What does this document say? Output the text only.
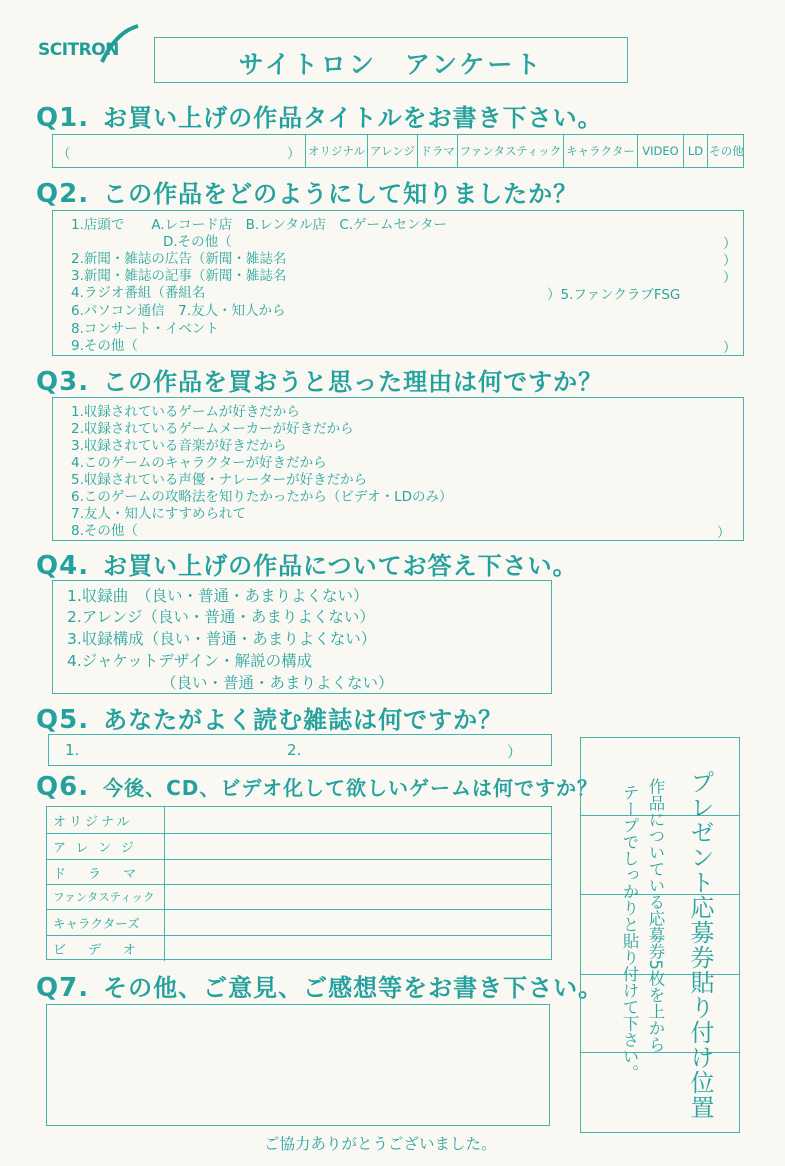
SCITRON	サイトロン　アンケート
Q1. お買い上げの作品タイトルをお書き下さい。
（	） オリジナル アレンジ ドラマ ファンタスティック キャラクター VIDEO LD その他
Q2. この作品をどのようにして知りましたか？
1.店頭で　　A.レコード店　B.レンタル店　C.ゲームセンター
D.その他（	）
2.新聞・雑誌の広告（新聞・雑誌名	）
3.新聞・雑誌の記事（新聞・雑誌名	）
4.ラジオ番組（番組名	）5.ファンクラブFSG
6.パソコン通信　7.友人・知人から
8.コンサート・イベント
9.その他（	）
Q3. この作品を買おうと思った理由は何ですか？
1.収録されているゲームが好きだから
2.収録されているゲームメーカーが好きだから
3.収録されている音楽が好きだから
4.このゲームのキャラクターが好きだから
5.収録されている声優・ナレーターが好きだから
6.このゲームの攻略法を知りたかったから（ビデオ・LDのみ）
7.友人・知人にすすめられて
8.その他（	）
Q4. お買い上げの作品についてお答え下さい。
1.収録曲　（良い・普通・あまりよくない）
2.アレンジ（良い・普通・あまりよくない）
3.収録構成（良い・普通・あまりよくない）
4.ジャケットデザイン・解説の構成
（良い・普通・あまりよくない）
Q5. あなたがよく読む雑誌は何ですか？
1.	2.	）
Q6. 今後、CD、ビデオ化して欲しいゲームは何ですか？
オリジナル
アレンジ
ドラマ
ファンタスティック
キャラクターズ
ビデオ
Q7. その他、ご意見、ご感想等をお書き下さい。	プレゼント応募券貼り付け位置
作品についている応募券5枚を上から
テープでしっかりと貼り付けて下さい。
ご協力ありがとうございました。
